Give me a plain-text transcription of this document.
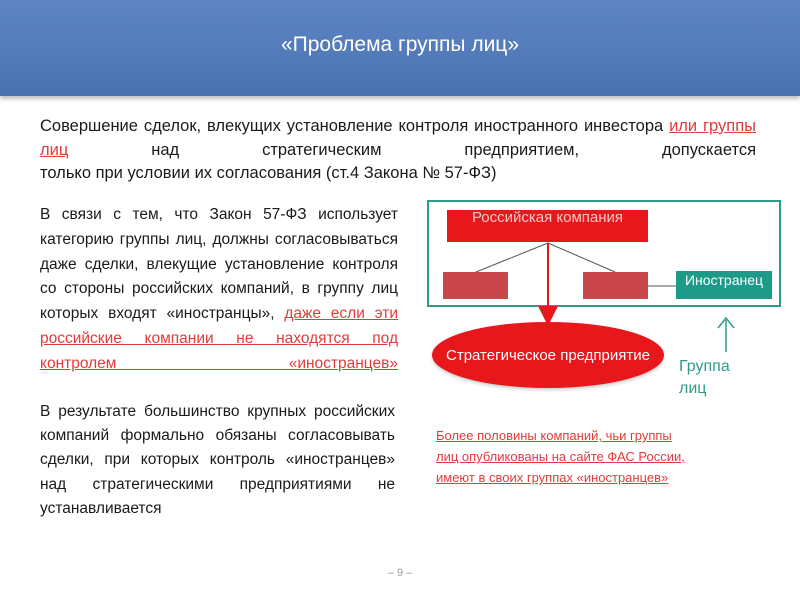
«Проблема группы лиц»
Совершение сделок, влекущих установление контроля иностранного инвестора или группы лиц над стратегическим предприятием, допускается
только при условии их согласования (ст.4 Закона № 57-ФЗ)
В связи с тем, что Закон 57-ФЗ использует категорию группы лиц, должны согласовываться даже сделки, влекущие установление контроля со стороны российских компаний, в группу лиц которых входят «иностранцы», даже если эти российские компании не находятся под контролем «иностранцев»
В результате большинство крупных российских компаний формально обязаны согласовывать сделки, при которых контроль «иностранцев» над стратегическими предприятиями не устанавливается
Российская компания
Иностранец
Стратегическое предприятие
Группа лиц
Более половины компаний, чьи группы лиц опубликованы на сайте ФАС России, имеют в своих группах «иностранцев»
– 9 –
